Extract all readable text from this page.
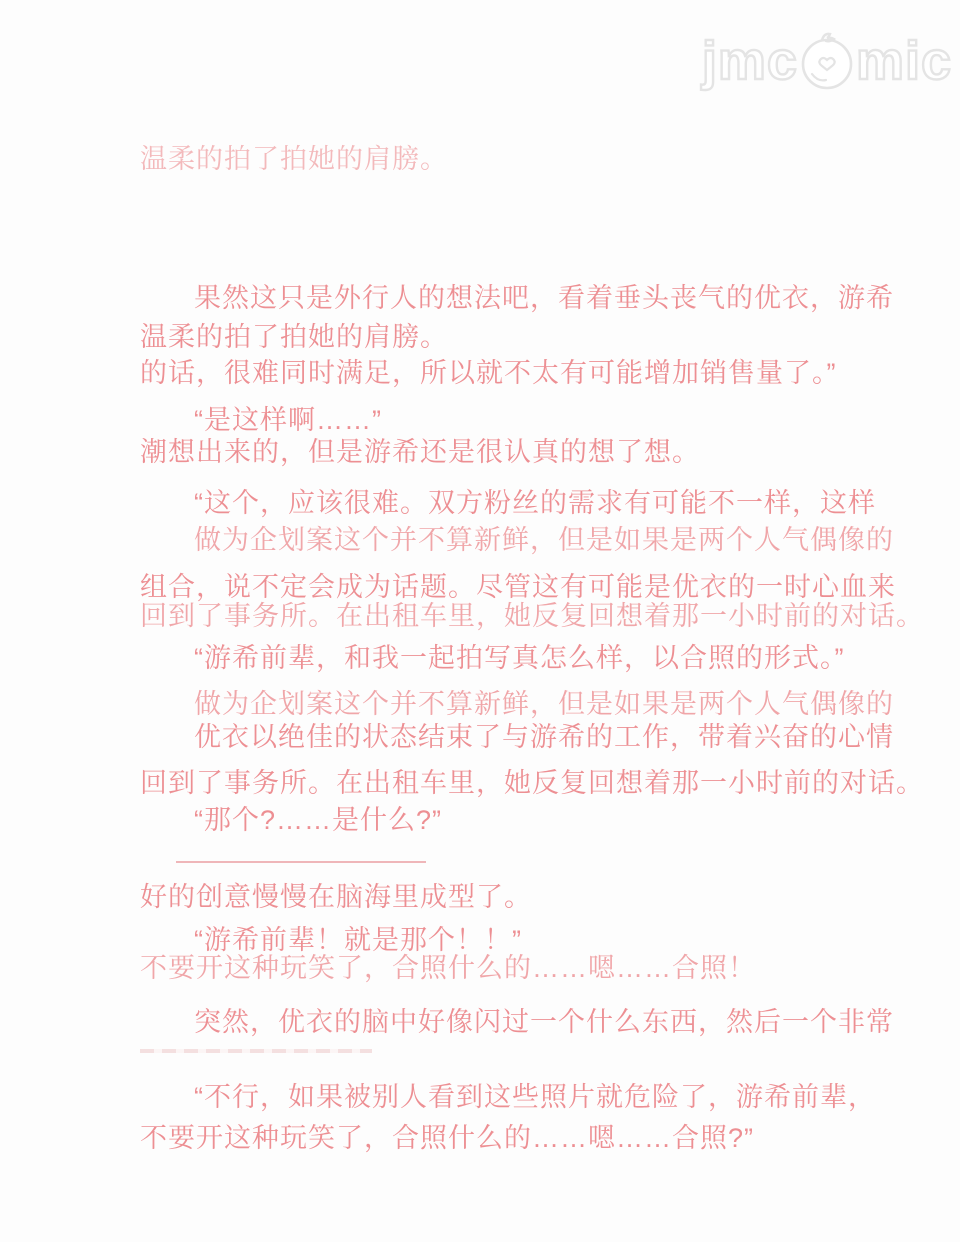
jmc mic
温柔的拍了拍她的肩膀。
果然这只是外行人的想法吧，看着垂头丧气的优衣，游希
温柔的拍了拍她的肩膀。
的话，很难同时满足，所以就不太有可能增加销售量了。”
“是这样啊……”
潮想出来的，但是游希还是很认真的想了想。
“这个，应该很难。双方粉丝的需求有可能不一样，这样
做为企划案这个并不算新鲜，但是如果是两个人气偶像的
组合，说不定会成为话题。尽管这有可能是优衣的一时心血来
回到了事务所。在出租车里，她反复回想着那一小时前的对话。
“游希前辈，和我一起拍写真怎么样，以合照的形式。”
做为企划案这个并不算新鲜，但是如果是两个人气偶像的
优衣以绝佳的状态结束了与游希的工作，带着兴奋的心情
回到了事务所。在出租车里，她反复回想着那一小时前的对话。
“那个?……是什么?”
好的创意慢慢在脑海里成型了。
“游希前辈！就是那个！！”
不要开这种玩笑了，合照什么的……嗯……合照！
突然，优衣的脑中好像闪过一个什么东西，然后一个非常
“不行，如果被别人看到这些照片就危险了，游希前辈，
不要开这种玩笑了，合照什么的……嗯……合照?”
